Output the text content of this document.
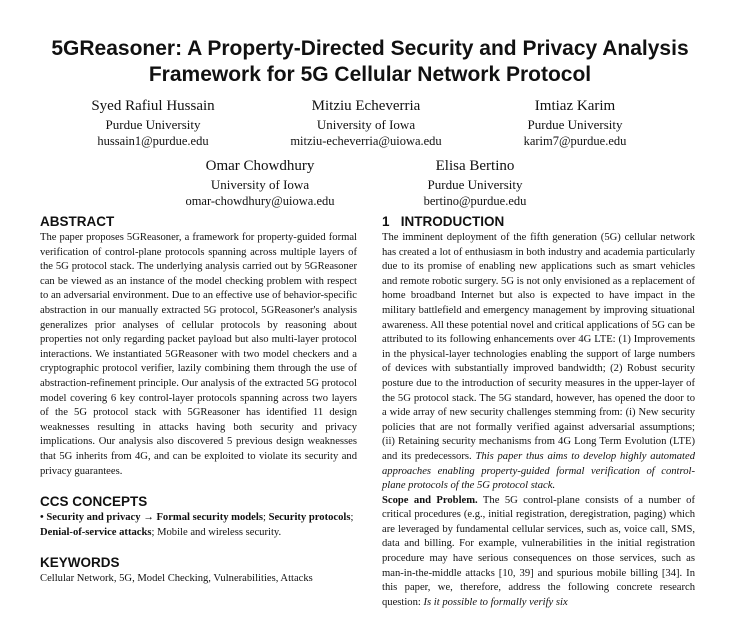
5GReasoner: A Property-Directed Security and Privacy Analysis
Framework for 5G Cellular Network Protocol
Syed Rafiul Hussain
Purdue University
hussain1@purdue.edu
Mitziu Echeverria
University of Iowa
mitziu-echeverria@uiowa.edu
Imtiaz Karim
Purdue University
karim7@purdue.edu
Omar Chowdhury
University of Iowa
omar-chowdhury@uiowa.edu
Elisa Bertino
Purdue University
bertino@purdue.edu
ABSTRACT

The paper proposes 5GReasoner, a framework for property-guided formal verification of control-plane protocols spanning across multiple layers of the 5G protocol stack. The underlying analysis carried out by 5GReasoner can be viewed as an instance of the model checking problem with respect to an adversarial environment. Due to an effective use of behavior-specific abstraction in our manually extracted 5G protocol, 5GReasoner's analysis generalizes prior analyses of cellular protocols by reasoning about properties not only regarding packet payload but also multi-layer protocol interactions. We instantiated 5GReasoner with two model checkers and a cryptographic protocol verifier, lazily combining them through the use of abstraction-refinement principle. Our analysis of the extracted 5G protocol model covering 6 key control-layer protocols spanning across two layers of the 5G protocol stack with 5GReasoner has identified 11 design weaknesses resulting in attacks having both security and privacy implications. Our analysis also discovered 5 previous design weaknesses that 5G inherits from 4G, and can be exploited to violate its security and privacy guarantees.

CCS CONCEPTS

• Security and privacy → Formal security models; Security protocols; Denial-of-service attacks; Mobile and wireless security.

KEYWORDS

Cellular Network, 5G, Model Checking, Vulnerabilities, Attacks

1   INTRODUCTION

The imminent deployment of the fifth generation (5G) cellular network has created a lot of enthusiasm in both industry and academia particularly due to its promise of enabling new applications such as smart vehicles and remote robotic surgery. 5G is not only envisioned as a replacement of home broadband Internet but also is expected to have impact in the military battlefield and emergency management by improving situational awareness. All these potential novel and critical applications of 5G can be attributed to its following enhancements over 4G LTE: (1) Improvements in the physical-layer technologies enabling the support of large numbers of devices with substantially improved bandwidth; (2) Robust security posture due to the introduction of security measures in the upper-layer of the 5G protocol stack. The 5G standard, however, has opened the door to a wide array of new security challenges stemming from: (i) New security policies that are not formally verified against adversarial assumptions; (ii) Retaining security mechanisms from 4G Long Term Evolution (LTE) and its predecessors. This paper thus aims to develop highly automated approaches enabling property-guided formal verification of control-plane protocols of the 5G protocol stack.

Scope and Problem. The 5G control-plane consists of a number of critical procedures (e.g., initial registration, deregistration, paging) which are leveraged by fundamental cellular services, such as, voice call, SMS, data and billing. For example, vulnerabilities in the initial registration procedure may have serious consequences on those services, such as man-in-the-middle attacks [10, 39] and spurious mobile billing [34]. In this paper, we, therefore, address the following concrete research question: Is it possible to formally verify six
